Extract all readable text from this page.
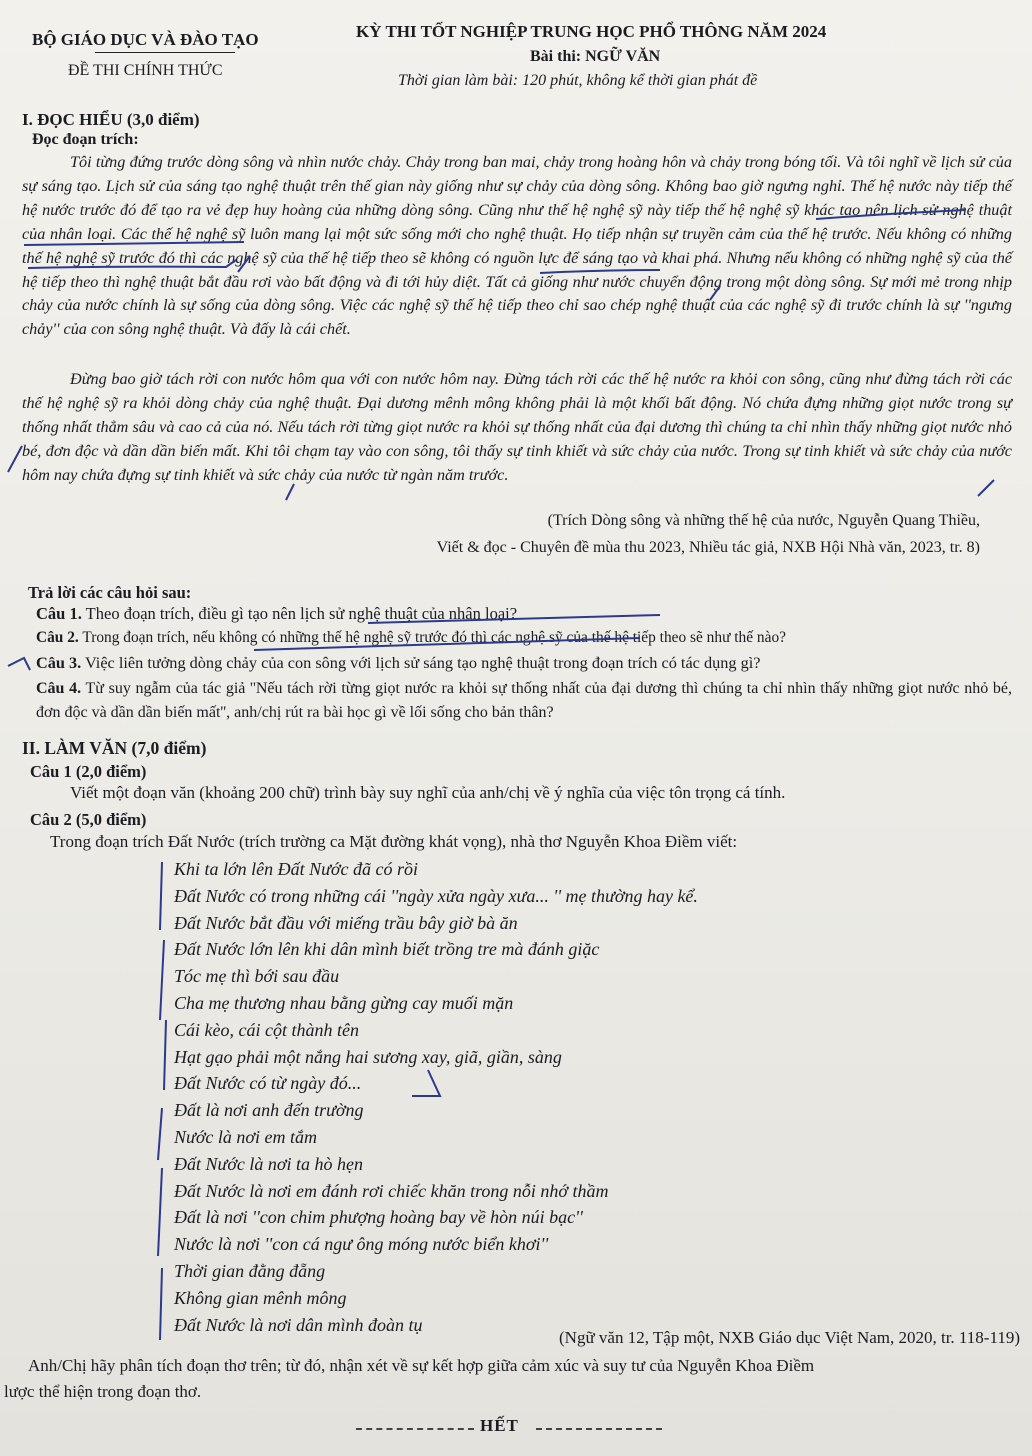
BỘ GIÁO DỤC VÀ ĐÀO TẠO
ĐỀ THI CHÍNH THỨC
KỲ THI TỐT NGHIỆP TRUNG HỌC PHỔ THÔNG NĂM 2024
Bài thi: NGỮ VĂN
Thời gian làm bài: 120 phút, không kể thời gian phát đề
I. ĐỌC HIỂU (3,0 điểm)
Đọc đoạn trích:

Tôi từng đứng trước dòng sông và nhìn nước chảy. Chảy trong ban mai, chảy trong hoàng hôn và chảy trong bóng tối. Và tôi nghĩ về lịch sử của sự sáng tạo. Lịch sử của sáng tạo nghệ thuật trên thế gian này giống như sự chảy của dòng sông. Không bao giờ ngưng nghỉ. Thế hệ nước này tiếp thế hệ nước trước đó để tạo ra vẻ đẹp huy hoàng của những dòng sông. Cũng như thế hệ nghệ sỹ này tiếp thế hệ nghệ sỹ khác tạo nên lịch sử nghệ thuật của nhân loại. Các thế hệ nghệ sỹ luôn mang lại một sức sống mới cho nghệ thuật. Họ tiếp nhận sự truyền cảm của thế hệ trước. Nếu không có những thế hệ nghệ sỹ trước đó thì các nghệ sỹ của thế hệ tiếp theo sẽ không có nguồn lực để sáng tạo và khai phá. Nhưng nếu không có những nghệ sỹ của thế hệ tiếp theo thì nghệ thuật bắt đầu rơi vào bất động và đi tới hủy diệt. Tất cả giống như nước chuyển động trong một dòng sông. Sự mới mẻ trong nhịp chảy của nước chính là sự sống của dòng sông. Việc các nghệ sỹ thế hệ tiếp theo chỉ sao chép nghệ thuật của các nghệ sỹ đi trước chính là sự ''ngưng chảy'' của con sông nghệ thuật. Và đấy là cái chết.

Đừng bao giờ tách rời con nước hôm qua với con nước hôm nay. Đừng tách rời các thế hệ nước ra khỏi con sông, cũng như đừng tách rời các thế hệ nghệ sỹ ra khỏi dòng chảy của nghệ thuật. Đại dương mênh mông không phải là một khối bất động. Nó chứa đựng những giọt nước trong sự thống nhất thẳm sâu và cao cả của nó. Nếu tách rời từng giọt nước ra khỏi sự thống nhất của đại dương thì chúng ta chỉ nhìn thấy những giọt nước nhỏ bé, đơn độc và dần dần biến mất. Khi tôi chạm tay vào con sông, tôi thấy sự tinh khiết và sức chảy của nước. Trong sự tinh khiết và sức chảy của nước hôm nay chứa đựng sự tinh khiết và sức chảy của nước từ ngàn năm trước.

(Trích Dòng sông và những thế hệ của nước, Nguyễn Quang Thiều,
Viết & đọc - Chuyên đề mùa thu 2023, Nhiều tác giả, NXB Hội Nhà văn, 2023, tr. 8)
Trả lời các câu hỏi sau:
Câu 1. Theo đoạn trích, điều gì tạo nên lịch sử nghệ thuật của nhân loại?
Câu 2. Trong đoạn trích, nếu không có những thế hệ nghệ sỹ trước đó thì các nghệ sỹ của thế hệ tiếp theo sẽ như thế nào?
Câu 3. Việc liên tưởng dòng chảy của con sông với lịch sử sáng tạo nghệ thuật trong đoạn trích có tác dụng gì?

Câu 4. Từ suy ngẫm của tác giả ''Nếu tách rời từng giọt nước ra khỏi sự thống nhất của đại dương thì chúng ta chỉ nhìn thấy những giọt nước nhỏ bé, đơn độc và dần dần biến mất'', anh/chị rút ra bài học gì về lối sống cho bản thân?

II. LÀM VĂN (7,0 điểm)
Câu 1 (2,0 điểm)
Viết một đoạn văn (khoảng 200 chữ) trình bày suy nghĩ của anh/chị về ý nghĩa của việc tôn trọng cá tính.
Câu 2 (5,0 điểm)
Trong đoạn trích Đất Nước (trích trường ca Mặt đường khát vọng), nhà thơ Nguyễn Khoa Điềm viết:
Khi ta lớn lên Đất Nước đã có rồi
Đất Nước có trong những cái ''ngày xửa ngày xưa... '' mẹ thường hay kể.
Đất Nước bắt đầu với miếng trầu bây giờ bà ăn
Đất Nước lớn lên khi dân mình biết trồng tre mà đánh giặc
Tóc mẹ thì bới sau đầu
Cha mẹ thương nhau bằng gừng cay muối mặn
Cái kèo, cái cột thành tên
Hạt gạo phải một nắng hai sương xay, giã, giần, sàng
Đất Nước có từ ngày đó...
Đất là nơi anh đến trường
Nước là nơi em tắm
Đất Nước là nơi ta hò hẹn
Đất Nước là nơi em đánh rơi chiếc khăn trong nỗi nhớ thầm
Đất là nơi ''con chim phượng hoàng bay về hòn núi bạc''
Nước là nơi ''con cá ngư ông móng nước biển khơi''
Thời gian đằng đẵng
Không gian mênh mông
Đất Nước là nơi dân mình đoàn tụ
(Ngữ văn 12, Tập một, NXB Giáo dục Việt Nam, 2020, tr. 118-119)
Anh/Chị hãy phân tích đoạn thơ trên; từ đó, nhận xét về sự kết hợp giữa cảm xúc và suy tư của Nguyễn Khoa Điềm
lược thể hiện trong đoạn thơ.
HẾT
